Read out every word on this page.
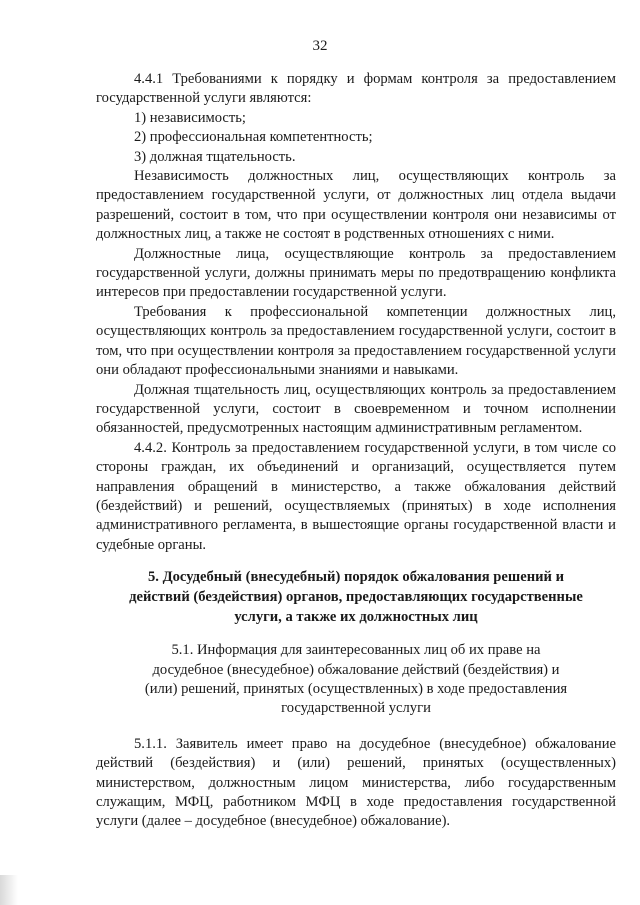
32

4.4.1 Требованиями к порядку и формам контроля за предоставлением государственной услуги являются:

1) независимость;

2) профессиональная компетентность;

3) должная тщательность.

Независимость должностных лиц, осуществляющих контроль за предоставлением государственной услуги, от должностных лиц отдела выдачи разрешений, состоит в том, что при осуществлении контроля они независимы от должностных лиц, а также не состоят в родственных отношениях с ними.

Должностные лица, осуществляющие контроль за предоставлением государственной услуги, должны принимать меры по предотвращению конфликта интересов при предоставлении государственной услуги.

Требования к профессиональной компетенции должностных лиц, осуществляющих контроль за предоставлением государственной услуги, состоит в том, что при осуществлении контроля за предоставлением государственной услуги они обладают профессиональными знаниями и навыками.

Должная тщательность лиц, осуществляющих контроль за предоставлением государственной услуги, состоит в своевременном и точном исполнении обязанностей, предусмотренных настоящим административным регламентом.

4.4.2. Контроль за предоставлением государственной услуги, в том числе со стороны граждан, их объединений и организаций, осуществляется путем направления обращений в министерство, а также обжалования действий (бездействий) и решений, осуществляемых (принятых) в ходе исполнения административного регламента, в вышестоящие органы государственной власти и судебные органы.

5. Досудебный (внесудебный) порядок обжалования решений и действий (бездействия) органов, предоставляющих государственные услуги, а также их должностных лиц

5.1. Информация для заинтересованных лиц об их праве на досудебное (внесудебное) обжалование действий (бездействия) и (или) решений, принятых (осуществленных) в ходе предоставления государственной услуги

5.1.1. Заявитель имеет право на досудебное (внесудебное) обжалование действий (бездействия) и (или) решений, принятых (осуществленных) министерством, должностным лицом министерства, либо государственным служащим, МФЦ, работником МФЦ в ходе предоставления государственной услуги (далее – досудебное (внесудебное) обжалование).
